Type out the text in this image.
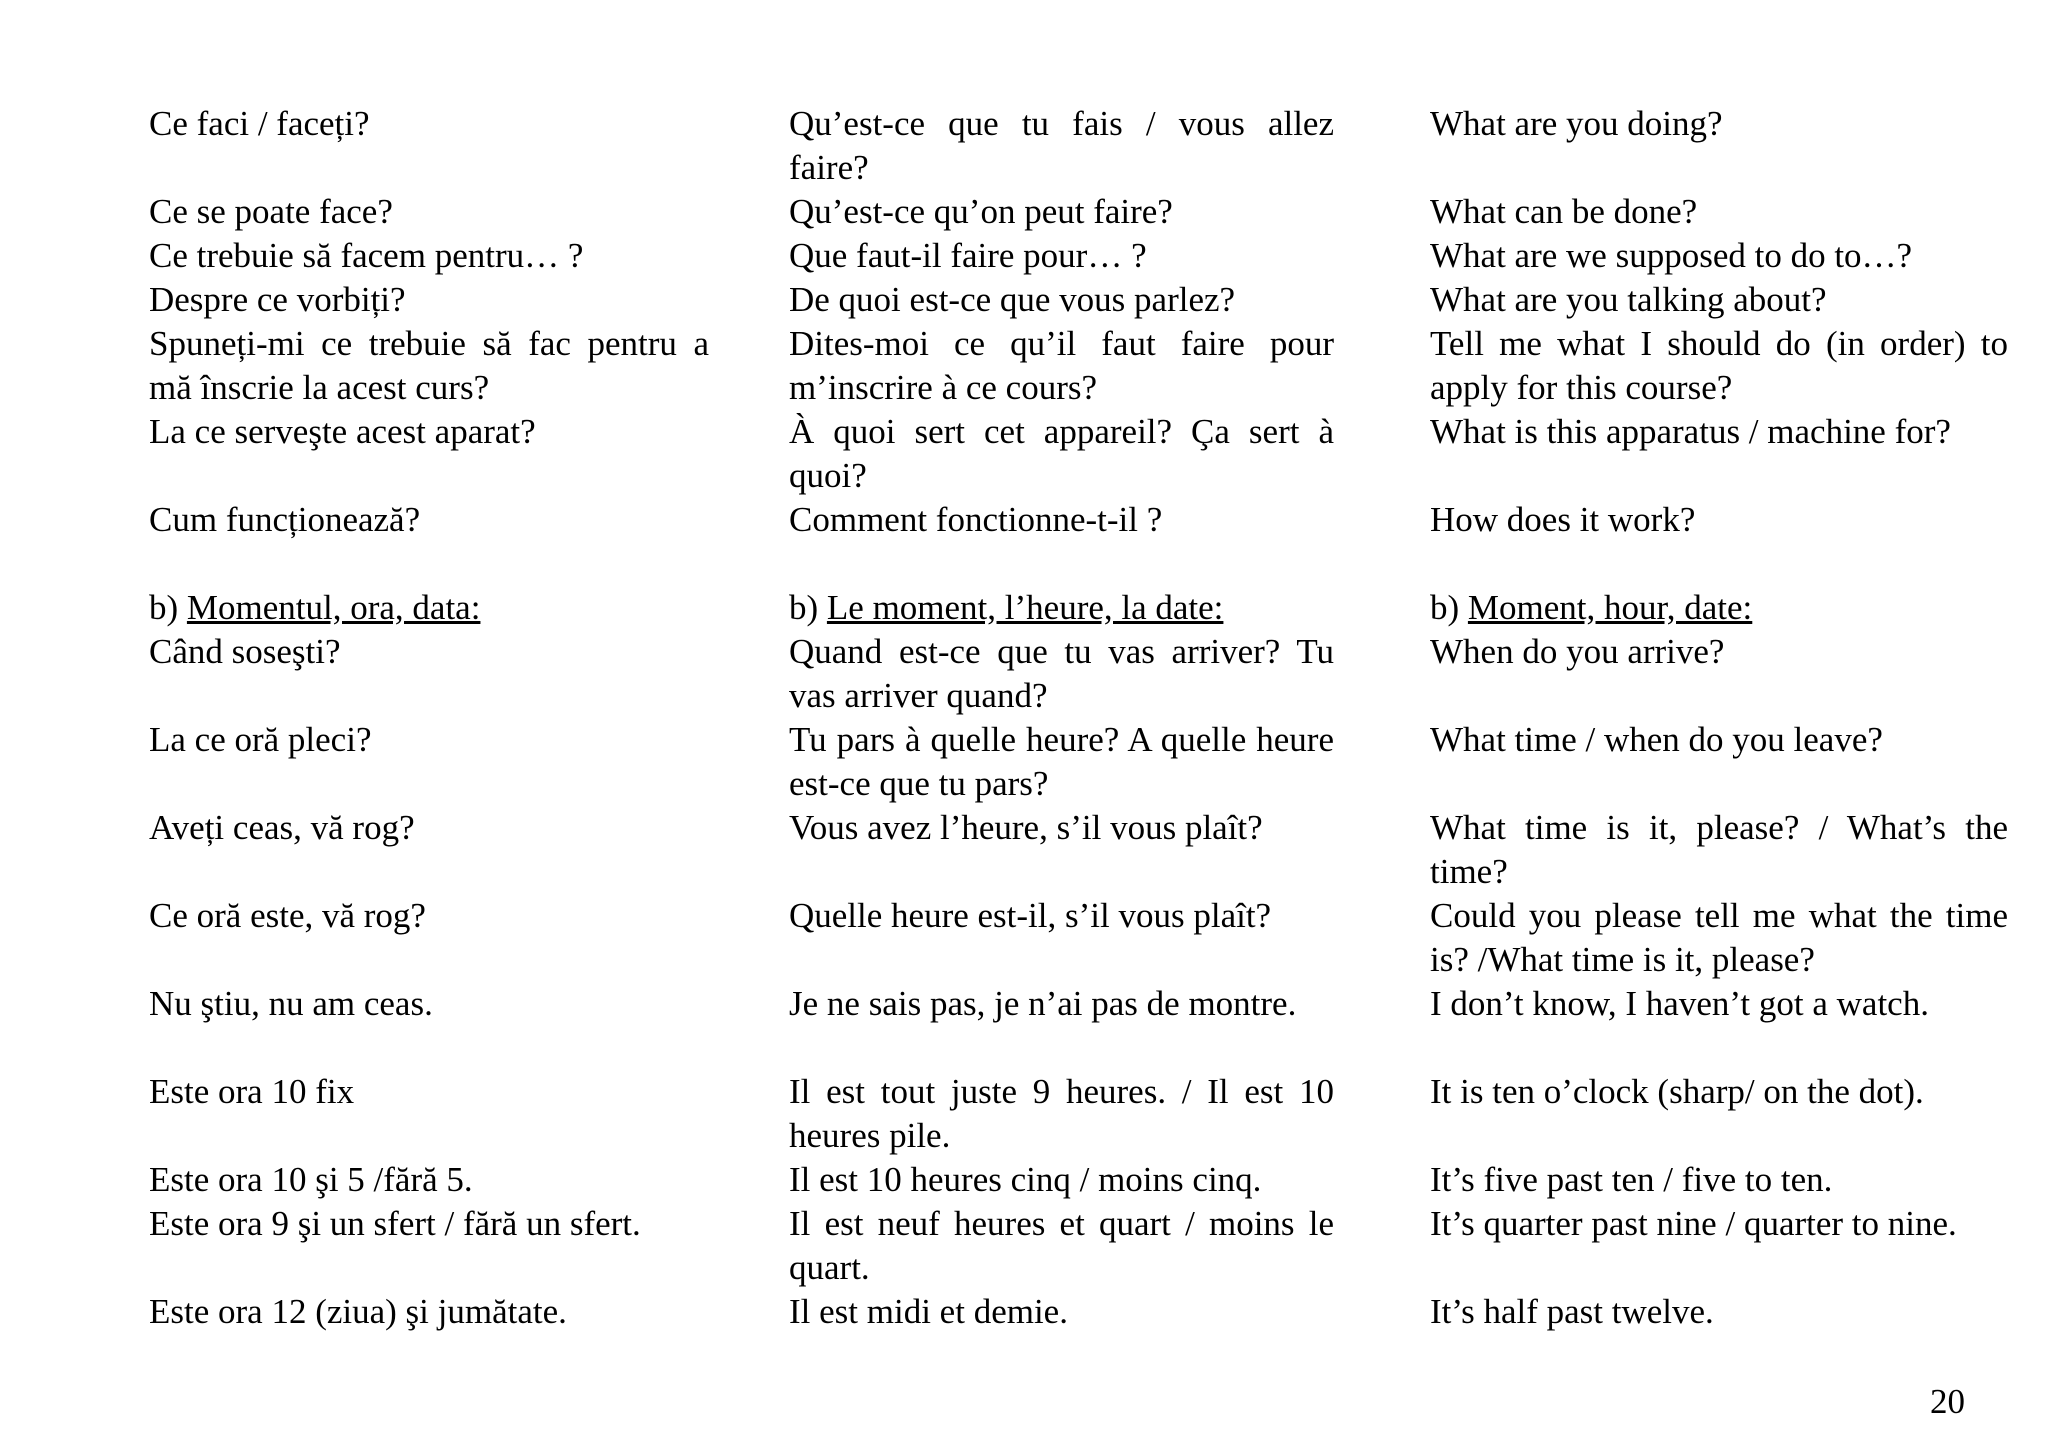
Ce faci / faceți?
Ce se poate face?
Ce trebuie să facem pentru… ?
Despre ce vorbiți?
Spuneți-mi ce trebuie să fac pentru a mă înscrie la acest curs?
La ce serveşte acest aparat?
Cum funcționează?
b) Momentul, ora, data:
Când soseşti?
La ce oră pleci?
Aveți ceas, vă rog?
Ce oră este, vă rog?
Nu ştiu, nu am ceas.
Este ora 10 fix
Este ora 10 şi 5 /fără 5.
Este ora 9 şi un sfert / fără un sfert.
Este ora 12 (ziua) şi jumătate.
Qu’est-ce que tu fais / vous allez faire?
Qu’est-ce qu’on peut faire?
Que faut-il faire pour… ?
De quoi est-ce que vous parlez?
Dites-moi ce qu’il faut faire pour m’inscrire à ce cours?
À quoi sert cet appareil? Ça sert à quoi?
Comment fonctionne-t-il ?
b) Le moment, l’heure, la date:
Quand est-ce que tu vas arriver? Tu vas arriver quand?
Tu pars à quelle heure? A quelle heure est-ce que tu pars?
Vous avez l’heure, s’il vous plaît?
Quelle heure est-il, s’il vous plaît?
Je ne sais pas, je n’ai pas de montre.
Il est tout juste 9 heures. / Il est 10 heures pile.
Il est 10 heures cinq / moins cinq.
Il est neuf heures et quart / moins le quart.
Il est midi et demie.
What are you doing?
What can be done?
What are we supposed to do to…?
What are you talking about?
Tell me what I should do (in order) to apply for this course?
What is this apparatus / machine for?
How does it work?
b) Moment, hour, date:
When do you arrive?
What time / when do you leave?
What time is it, please? / What’s the time?
Could you please tell me what the time is? /What time is it, please?
I don’t know, I haven’t got a watch.
It is ten o’clock (sharp/ on the dot).
It’s five past ten / five to ten.
It’s quarter past nine / quarter to nine.
It’s half past twelve.
20
